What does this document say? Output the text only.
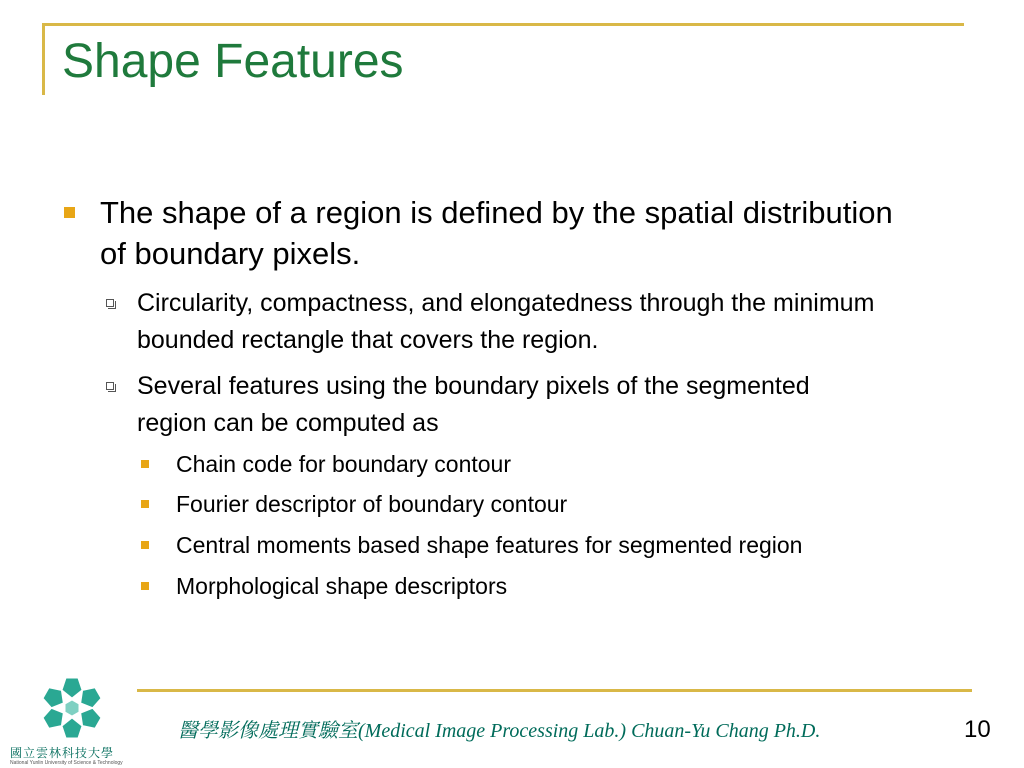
Shape Features
The shape of a region is defined by the spatial distribution of boundary pixels.
Circularity, compactness, and elongatedness through the minimum bounded rectangle that covers the region.
Several features using the boundary pixels of the segmented region can be computed as
Chain code for boundary contour
Fourier descriptor of boundary contour
Central moments based shape features for segmented region
Morphological shape descriptors
國立雲林科技大學
National Yunlin University of Science & Technology
醫學影像處理實驗室(Medical Image Processing Lab.) Chuan-Yu Chang Ph.D.	10
